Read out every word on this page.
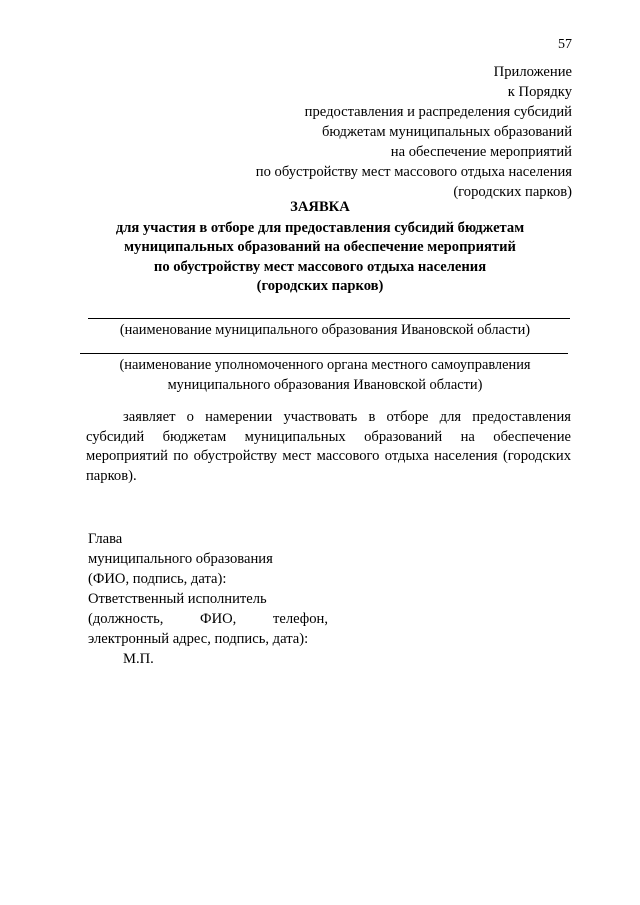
57
Приложение
к Порядку
предоставления и распределения субсидий
бюджетам муниципальных образований
на обеспечение мероприятий
по обустройству мест массового отдыха населения
(городских парков)
ЗАЯВКА
для участия в отборе для предоставления субсидий бюджетам
муниципальных образований на обеспечение мероприятий
по обустройству мест массового отдыха населения
(городских парков)
(наименование муниципального образования Ивановской области)
(наименование уполномоченного органа местного самоуправления
муниципального образования Ивановской области)
заявляет о намерении участвовать в отборе для предоставления субсидий бюджетам муниципальных образований на обеспечение мероприятий по обустройству мест массового отдыха населения (городских парков).
Глава
муниципального образования
(ФИО, подпись, дата):
Ответственный исполнитель
(должность, ФИО, телефон,
электронный адрес, подпись, дата):
М.П.
